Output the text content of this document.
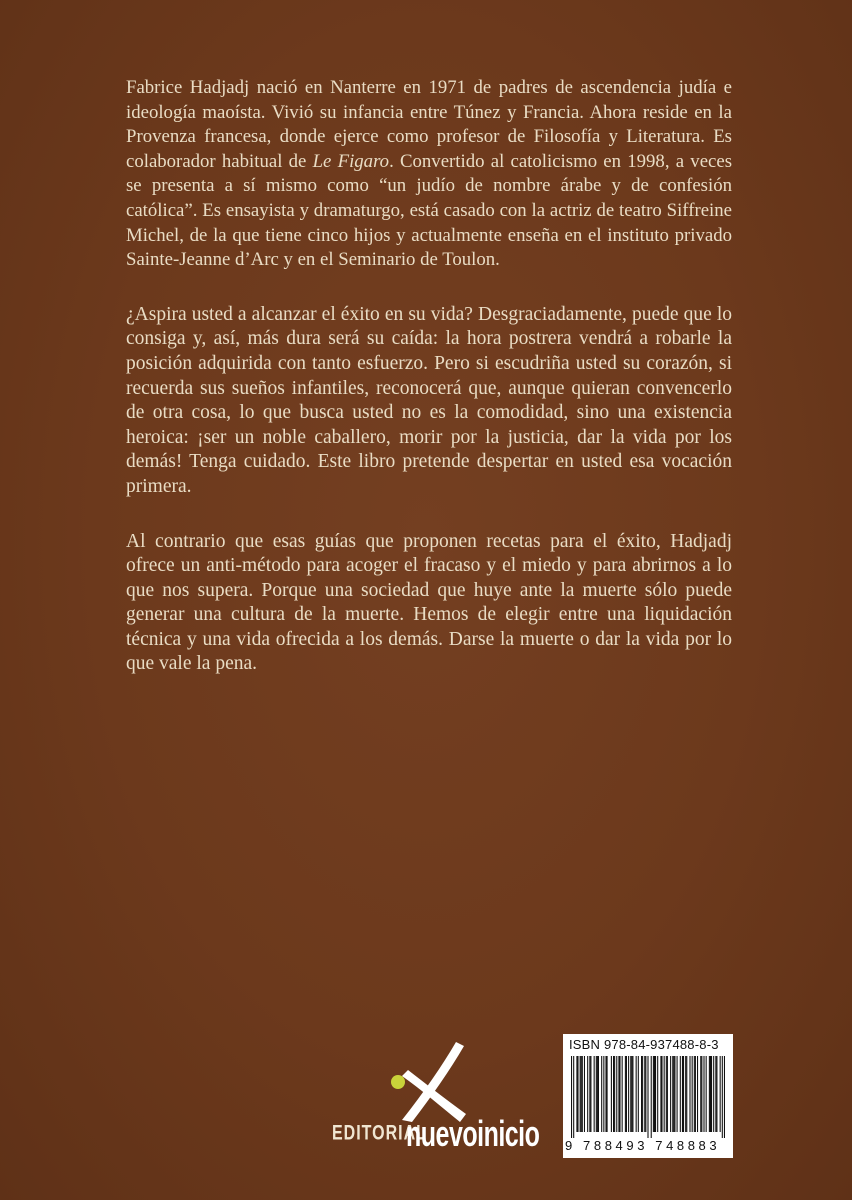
Fabrice Hadjadj nació en Nanterre en 1971 de padres de ascendencia judía e ideología maoísta. Vivió su infancia entre Túnez y Francia. Ahora reside en la Provenza francesa, donde ejerce como profesor de Filosofía y Literatura. Es colaborador habitual de Le Figaro. Convertido al catolicismo en 1998, a veces se presenta a sí mismo como “un judío de nombre árabe y de confesión católica”. Es ensayista y dramaturgo, está casado con la actriz de teatro Siffreine Michel, de la que tiene cinco hijos y actualmente enseña en el instituto privado Sainte-Jeanne d’Arc y en el Seminario de Toulon.

¿Aspira usted a alcanzar el éxito en su vida? Desgraciadamente, puede que lo consiga y, así, más dura será su caída: la hora postrera vendrá a robarle la posición adquirida con tanto esfuerzo. Pero si escudriña usted su corazón, si recuerda sus sueños infantiles, reconocerá que, aunque quieran convencerlo de otra cosa, lo que busca usted no es la comodidad, sino una existencia heroica: ¡ser un noble caballero, morir por la justicia, dar la vida por los demás! Tenga cuidado. Este libro pretende despertar en usted esa vocación primera.

Al contrario que esas guías que proponen recetas para el éxito, Hadjadj ofrece un anti-método para acoger el fracaso y el miedo y para abrirnos a lo que nos supera. Porque una sociedad que huye ante la muerte sólo puede generar una cultura de la muerte. Hemos de elegir entre una liquidación técnica y una vida ofrecida a los demás. Darse la muerte o dar la vida por lo que vale la pena.

EDITORIAL
nuevoinicio
ISBN 978-84-937488-8-3
9 788493 748883
